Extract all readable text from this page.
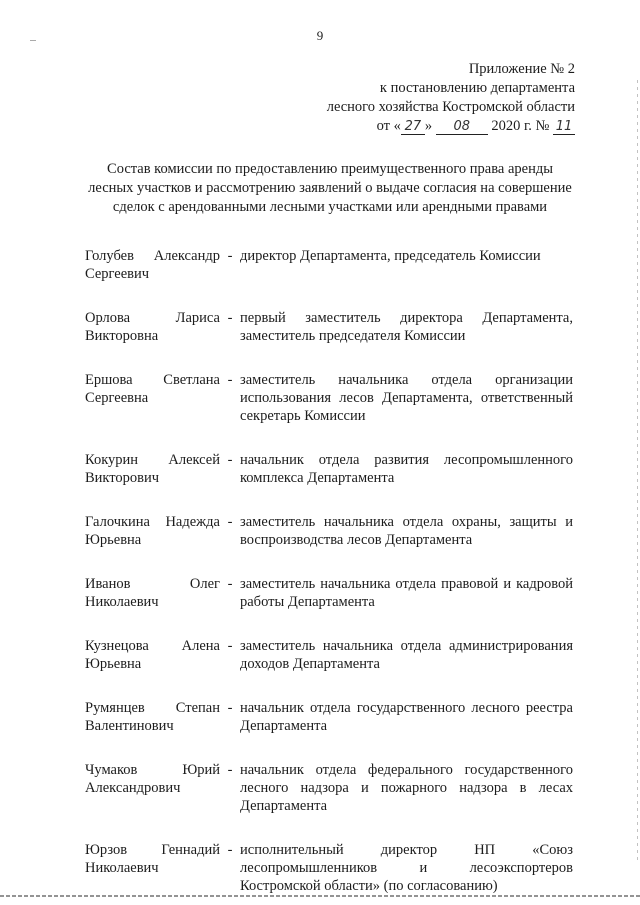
9
Приложение № 2
к постановлению департамента
лесного хозяйства Костромской области
от « 27 » 08 2020 г. № 11
Состав комиссии по предоставлению преимущественного права аренды лесных участков и рассмотрению заявлений о выдаче согласия на совершение сделок с арендованными лесными участками или арендными правами
Голубев Александр
Сергеевич
- директор Департамента, председатель Комиссии
Орлова	Лариса
Викторовна
- первый заместитель директора Департамента, заместитель председателя Комиссии
Ершова Светлана
Сергеевна
- заместитель начальника отдела организации использования лесов Департамента, ответственный секретарь Комиссии
Кокурин Алексей
Викторович
- начальник отдела развития лесопромышленного комплекса Департамента
Галочкина Надежда
Юрьевна
- заместитель начальника отдела охраны, защиты и воспроизводства лесов Департамента
Иванов	Олег
Николаевич
- заместитель начальника отдела правовой и кадровой работы Департамента
Кузнецова Алена
Юрьевна
- заместитель начальника отдела администрирования доходов Департамента
Румянцев Степан
Валентинович
- начальник отдела государственного лесного реестра Департамента
Чумаков	Юрий
Александрович
- начальник отдела федерального государственного лесного надзора и пожарного надзора в лесах Департамента
Юрзов Геннадий
Николаевич
- исполнительный директор НП «Союз лесопромышленников и лесоэкспортеров Костромской области» (по согласованию)
